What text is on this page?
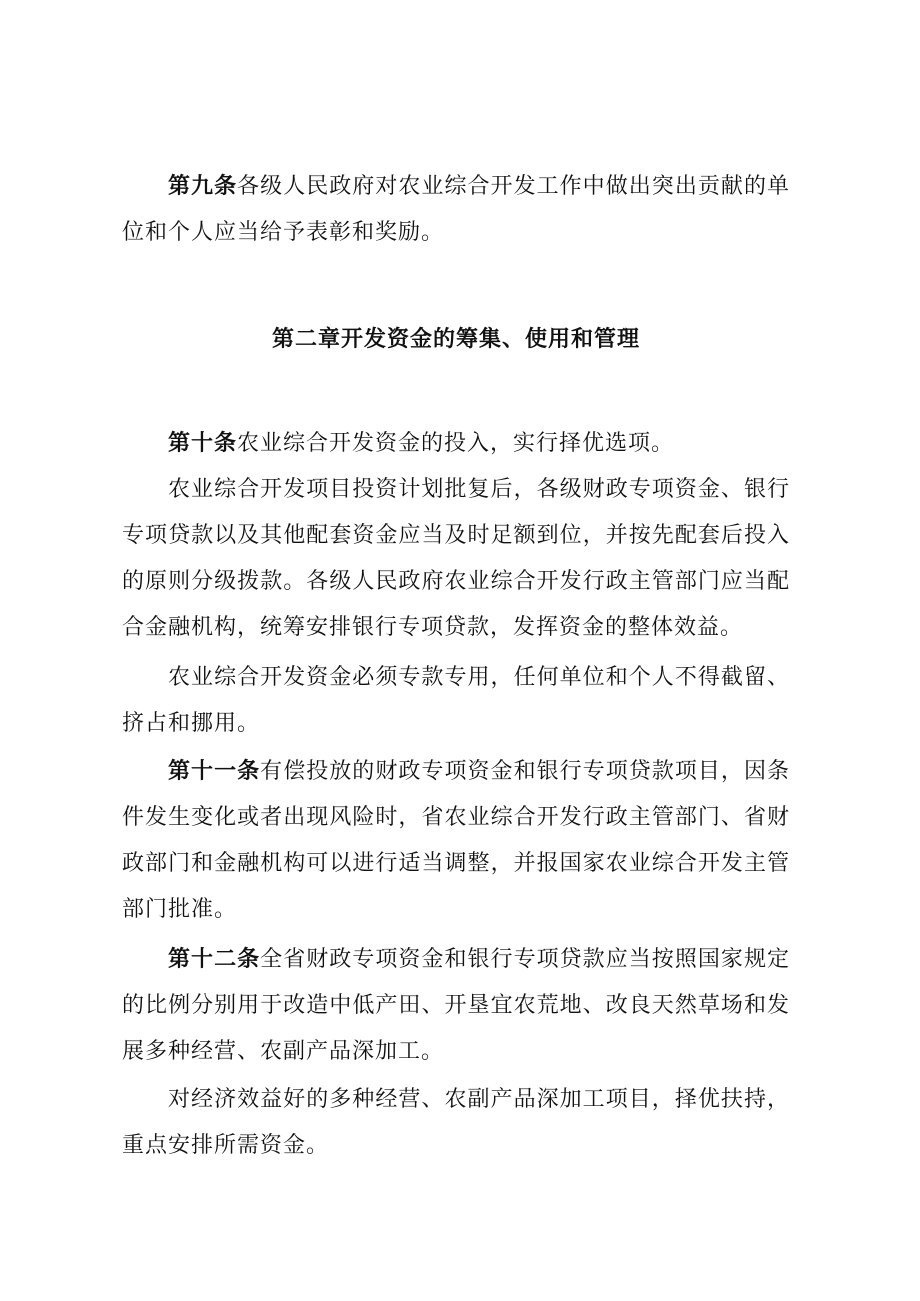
第九条各级人民政府对农业综合开发工作中做出突出贡献的单位和个人应当给予表彰和奖励。

第二章开发资金的筹集、使用和管理

第十条农业综合开发资金的投入，实行择优选项。

农业综合开发项目投资计划批复后，各级财政专项资金、银行专项贷款以及其他配套资金应当及时足额到位，并按先配套后投入的原则分级拨款。各级人民政府农业综合开发行政主管部门应当配合金融机构，统筹安排银行专项贷款，发挥资金的整体效益。

农业综合开发资金必须专款专用，任何单位和个人不得截留、挤占和挪用。

第十一条有偿投放的财政专项资金和银行专项贷款项目，因条件发生变化或者出现风险时，省农业综合开发行政主管部门、省财政部门和金融机构可以进行适当调整，并报国家农业综合开发主管部门批准。

第十二条全省财政专项资金和银行专项贷款应当按照国家规定的比例分别用于改造中低产田、开垦宜农荒地、改良天然草场和发展多种经营、农副产品深加工。

对经济效益好的多种经营、农副产品深加工项目，择优扶持，重点安排所需资金。
